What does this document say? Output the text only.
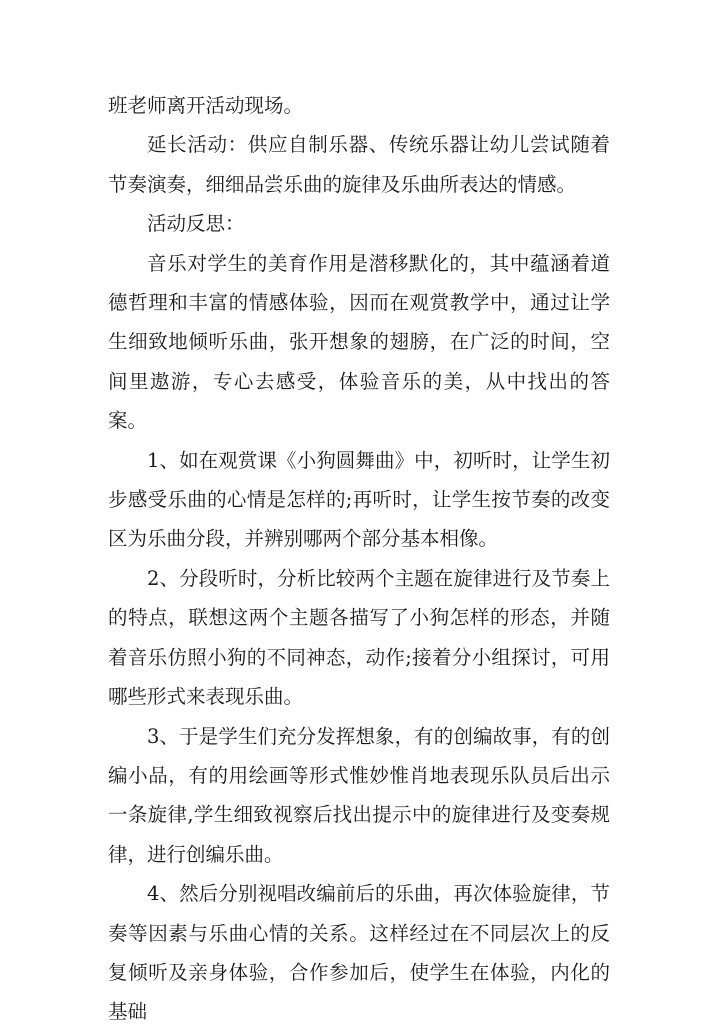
班老师离开活动现场。

延长活动：供应自制乐器、传统乐器让幼儿尝试随着节奏演奏，细细品尝乐曲的旋律及乐曲所表达的情感。

活动反思：

音乐对学生的美育作用是潜移默化的，其中蕴涵着道德哲理和丰富的情感体验，因而在观赏教学中，通过让学生细致地倾听乐曲，张开想象的翅膀，在广泛的时间，空间里遨游，专心去感受，体验音乐的美，从中找出的答案。

1、如在观赏课《小狗圆舞曲》中，初听时，让学生初步感受乐曲的心情是怎样的;再听时，让学生按节奏的改变区为乐曲分段，并辨别哪两个部分基本相像。

2、分段听时，分析比较两个主题在旋律进行及节奏上的特点，联想这两个主题各描写了小狗怎样的形态，并随着音乐仿照小狗的不同神态，动作;接着分小组探讨，可用哪些形式来表现乐曲。

3、于是学生们充分发挥想象，有的创编故事，有的创编小品，有的用绘画等形式惟妙惟肖地表现乐队员后出示一条旋律,学生细致视察后找出提示中的旋律进行及变奏规律，进行创编乐曲。

4、然后分别视唱改编前后的乐曲，再次体验旋律，节奏等因素与乐曲心情的关系。这样经过在不同层次上的反复倾听及亲身体验，合作参加后，使学生在体验，内化的基础
